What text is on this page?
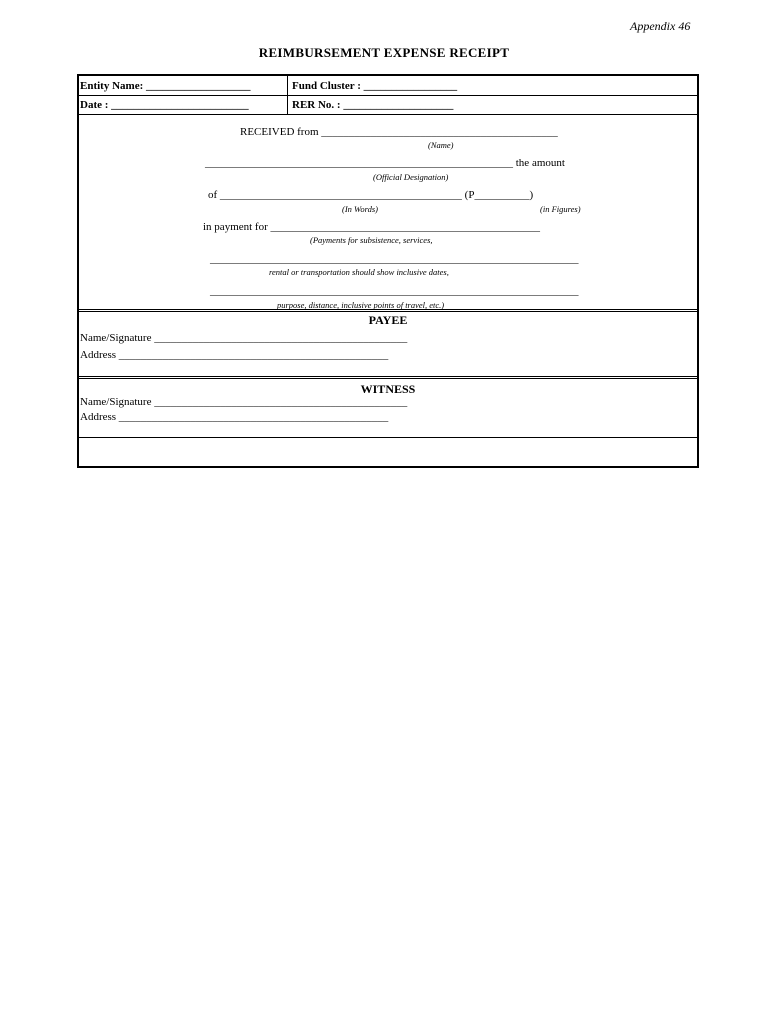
Appendix 46
REIMBURSEMENT EXPENSE RECEIPT
Entity Name: ___________________
Date : _________________________
Fund Cluster : _________________
RER No. : ____________________
RECEIVED from ___________________________________________
(Name)
________________________________________________________ the amount
(Official Designation)
of ____________________________________________ (P__________)
(In Words)	(in Figures)
in payment for _________________________________________________
(Payments for subsistence, services,
___________________________________________________________________
rental or transportation should show inclusive dates,
___________________________________________________________________
purpose, distance, inclusive points of travel, etc.)
PAYEE
Name/Signature ______________________________________________
Address _________________________________________________
WITNESS
Name/Signature ______________________________________________
Address _________________________________________________
